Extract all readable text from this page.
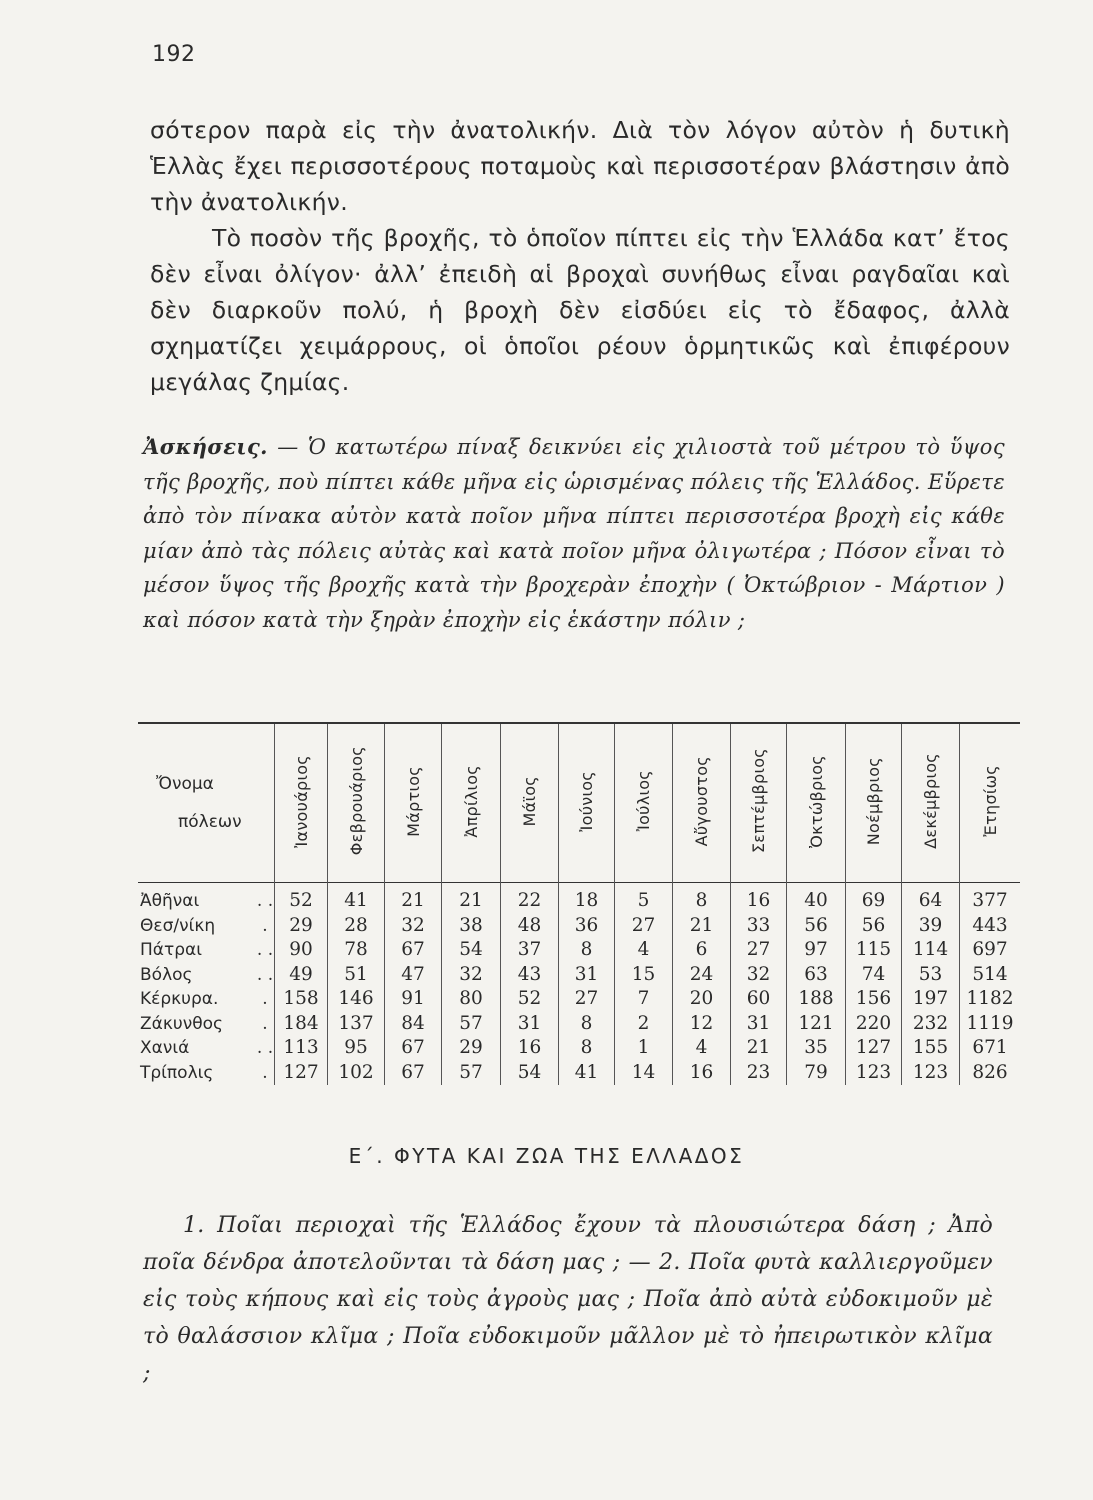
192

σότερον παρὰ εἰς τὴν ἀνατολικήν. Διὰ τὸν λόγον αὐτὸν ἡ δυτικὴ Ἑλλὰς ἔχει περισσοτέρους ποταμοὺς καὶ περισσοτέραν βλάστησιν ἀπὸ τὴν ἀνατολικήν.

Τὸ ποσὸν τῆς βροχῆς, τὸ ὁποῖον πίπτει εἰς τὴν Ἑλλάδα κατ’ ἔτος δὲν εἶναι ὀλίγον· ἀλλ’ ἐπειδὴ αἱ βροχαὶ συνήθως εἶναι ραγδαῖαι καὶ δὲν διαρκοῦν πολύ, ἡ βροχὴ δὲν εἰσδύει εἰς τὸ ἔδαφος, ἀλλὰ σχηματίζει χειμάρρους, οἱ ὁποῖοι ρέουν ὁρμητικῶς καὶ ἐπιφέρουν μεγάλας ζημίας.

Ἀσκήσεις. — Ὁ κατωτέρω πίναξ δεικνύει εἰς χιλιοστὰ τοῦ μέτρου τὸ ὕψος τῆς βροχῆς, ποὺ πίπτει κάθε μῆνα εἰς ὡρισμένας πόλεις τῆς Ἑλλάδος. Εὕρετε ἀπὸ τὸν πίνακα αὐτὸν κατὰ ποῖον μῆνα πίπτει περισσοτέρα βροχὴ εἰς κάθε μίαν ἀπὸ τὰς πόλεις αὐτὰς καὶ κατὰ ποῖον μῆνα ὀλιγωτέρα ; Πόσον εἶναι τὸ μέσον ὕψος τῆς βροχῆς κατὰ τὴν βροχερὰν ἐποχὴν ( Ὀκτώβριον - Μάρτιον ) καὶ πόσον κατὰ τὴν ξηρὰν ἐποχὴν εἰς ἑκάστην πόλιν ;

Ὄνομα
πόλεων		Ἰανουάριος	Φεβρουάριος	Μάρτιος	Ἀπρίλιος	Μάϊος	Ἰούνιος	Ἰούλιος	Αὔγουστος	Σεπτέμβριος	Ὀκτώβριος	Νοέμβριος	Δεκέμβριος	Ἐτησίως
Ἀθῆναι	. .	52	41	21	21	22	18	5	8	16	40	69	64	377
Θεσ/νίκη	.	29	28	32	38	48	36	27	21	33	56	56	39	443
Πάτραι	. .	90	78	67	54	37	8	4	6	27	97	115	114	697
Βόλος	. .	49	51	47	32	43	31	15	24	32	63	74	53	514
Κέρκυρα.	.	158	146	91	80	52	27	7	20	60	188	156	197	1182
Ζάκυνθος	.	184	137	84	57	31	8	2	12	31	121	220	232	1119
Χανιά	. .	113	95	67	29	16	8	1	4	21	35	127	155	671
Τρίπολις	.	127	102	67	57	54	41	14	16	23	79	123	123	826
Ε΄. ΦΥΤΑ ΚΑΙ ΖΩΑ ΤΗΣ ΕΛΛΑΔΟΣ

1. Ποῖαι περιοχαὶ τῆς Ἑλλάδος ἔχουν τὰ πλουσιώτερα δάση ; Ἀπὸ ποῖα δένδρα ἀποτελοῦνται τὰ δάση μας ; — 2. Ποῖα φυτὰ καλλιεργοῦμεν εἰς τοὺς κήπους καὶ εἰς τοὺς ἀγροὺς μας ; Ποῖα ἀπὸ αὐτὰ εὐδοκιμοῦν μὲ τὸ θαλάσσιον κλῖμα ; Ποῖα εὐδοκιμοῦν μᾶλλον μὲ τὸ ἠπειρωτικὸν κλῖμα ;
